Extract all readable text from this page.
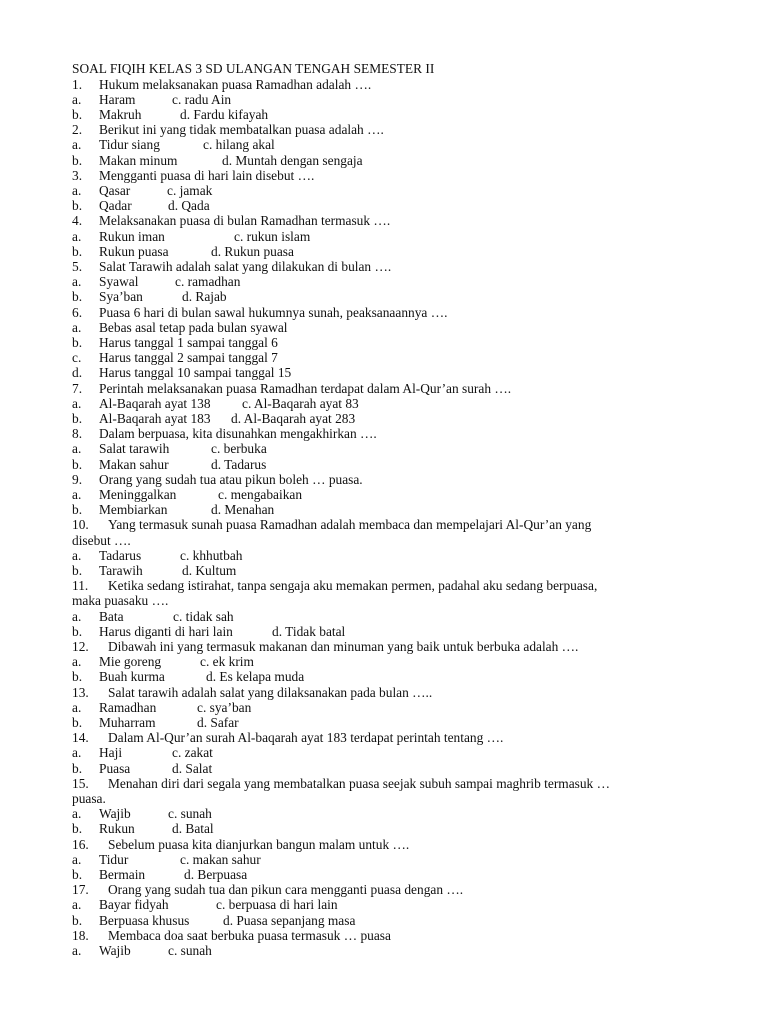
SOAL FIQIH KELAS 3 SD ULANGAN TENGAH SEMESTER II
1. Hukum melaksanakan puasa Ramadhan adalah ….
a. Haram	c. radu Ain
b. Makruh	d. Fardu kifayah
2. Berikut ini yang tidak membatalkan puasa adalah ….
a. Tidur siang	c. hilang akal
b. Makan minum	d. Muntah dengan sengaja
3. Mengganti puasa di hari lain disebut ….
a. Qasar	c. jamak
b. Qadar	d. Qada
4. Melaksanakan puasa di bulan Ramadhan termasuk ….
a. Rukun iman	c. rukun islam
b. Rukun puasa	d. Rukun puasa
5. Salat Tarawih adalah salat yang dilakukan di bulan ….
a. Syawal	c. ramadhan
b. Sya’ban	d. Rajab
6. Puasa 6 hari di bulan sawal hukumnya sunah, peaksanaannya ….
a. Bebas asal tetap pada bulan syawal
b. Harus tanggal 1 sampai tanggal 6
c. Harus tanggal 2 sampai tanggal 7
d. Harus tanggal 10 sampai tanggal 15
7. Perintah melaksanakan puasa Ramadhan terdapat dalam Al-Qur’an surah ….
a. Al-Baqarah ayat 138 c. Al-Baqarah ayat 83
b. Al-Baqarah ayat 183 d. Al-Baqarah ayat 283
8. Dalam berpuasa, kita disunahkan mengakhirkan ….
a. Salat tarawih	c. berbuka
b. Makan sahur	d. Tadarus
9. Orang yang sudah tua atau pikun boleh … puasa.
a. Meninggalkan	c. mengabaikan
b. Membiarkan	d. Menahan
10. Yang termasuk sunah puasa Ramadhan adalah membaca dan mempelajari Al-Qur’an yang
disebut ….
a. Tadarus	c. khhutbah
b. Tarawih	d. Kultum
11. Ketika sedang istirahat, tanpa sengaja aku memakan permen, padahal aku sedang berpuasa,
maka puasaku ….
a. Bata	c. tidak sah
b. Harus diganti di hari lain	d. Tidak batal
12. Dibawah ini yang termasuk makanan dan minuman yang baik untuk berbuka adalah ….
a. Mie goreng	c. ek krim
b. Buah kurma	d. Es kelapa muda
13. Salat tarawih adalah salat yang dilaksanakan pada bulan …..
a. Ramadhan	c. sya’ban
b. Muharram	d. Safar
14. Dalam Al-Qur’an surah Al-baqarah ayat 183 terdapat perintah tentang ….
a. Haji	c. zakat
b. Puasa	d. Salat
15. Menahan diri dari segala yang membatalkan puasa seejak subuh sampai maghrib termasuk …
puasa.
a. Wajib	c. sunah
b. Rukun	d. Batal
16. Sebelum puasa kita dianjurkan bangun malam untuk ….
a. Tidur	c. makan sahur
b. Bermain	d. Berpuasa
17. Orang yang sudah tua dan pikun cara mengganti puasa dengan ….
a. Bayar fidyah	c. berpuasa di hari lain
b. Berpuasa khusus	d. Puasa sepanjang masa
18. Membaca doa saat berbuka puasa termasuk … puasa
a. Wajib	c. sunah
